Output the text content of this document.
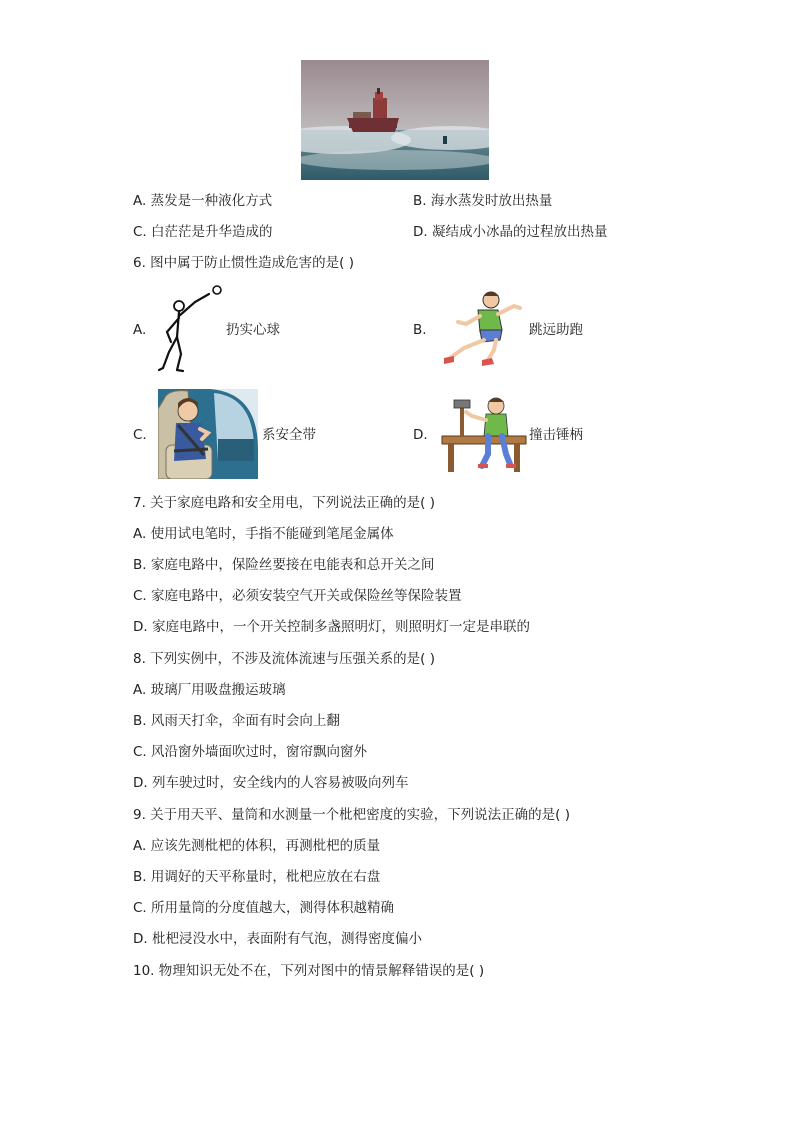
A. 蒸发是一种液化方式	B. 海水蒸发时放出热量
C. 白茫茫是升华造成的	D. 凝结成小冰晶的过程放出热量
6. 图中属于防止惯性造成危害的是( )
A.	扔实心球	B.	跳远助跑
C.	系安全带	D.	撞击锤柄
7. 关于家庭电路和安全用电，下列说法正确的是( )
A. 使用试电笔时，手指不能碰到笔尾金属体
B. 家庭电路中，保险丝要接在电能表和总开关之间
C. 家庭电路中，必须安装空气开关或保险丝等保险装置
D. 家庭电路中，一个开关控制多盏照明灯，则照明灯一定是串联的
8. 下列实例中，不涉及流体流速与压强关系的是( )
A. 玻璃厂用吸盘搬运玻璃
B. 风雨天打伞，伞面有时会向上翻
C. 风沿窗外墙面吹过时，窗帘飘向窗外
D. 列车驶过时，安全线内的人容易被吸向列车
9. 关于用天平、量筒和水测量一个枇杷密度的实验，下列说法正确的是( )
A. 应该先测枇杷的体积，再测枇杷的质量
B. 用调好的天平称量时，枇杷应放在右盘
C. 所用量筒的分度值越大，测得体积越精确
D. 枇杷浸没水中，表面附有气泡，测得密度偏小
10. 物理知识无处不在，下列对图中的情景解释错误的是( )
